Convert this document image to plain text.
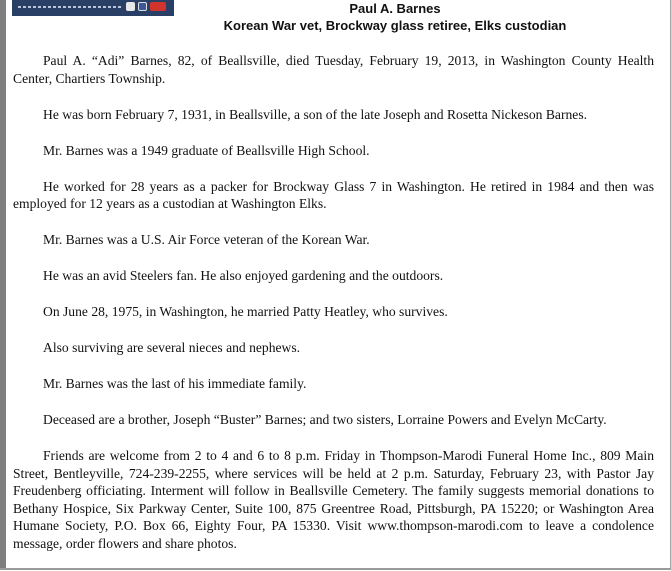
Paul A. Barnes
Korean War vet, Brockway glass retiree, Elks custodian

Paul A. “Adi” Barnes, 82, of Beallsville, died Tuesday, February 19, 2013, in Washington County Health Center, Chartiers Township.

He was born February 7, 1931, in Beallsville, a son of the late Joseph and Rosetta Nickeson Barnes.

Mr. Barnes was a 1949 graduate of Beallsville High School.

He worked for 28 years as a packer for Brockway Glass 7 in Washington. He retired in 1984 and then was employed for 12 years as a custodian at Washington Elks.

Mr. Barnes was a U.S. Air Force veteran of the Korean War.

He was an avid Steelers fan. He also enjoyed gardening and the outdoors.

On June 28, 1975, in Washington, he married Patty Heatley, who survives.

Also surviving are several nieces and nephews.

Mr. Barnes was the last of his immediate family.

Deceased are a brother, Joseph “Buster” Barnes; and two sisters, Lorraine Powers and Evelyn McCarty.

Friends are welcome from 2 to 4 and 6 to 8 p.m. Friday in Thompson-Marodi Funeral Home Inc., 809 Main Street, Bentleyville, 724-239-2255, where services will be held at 2 p.m. Saturday, February 23, with Pastor Jay Freudenberg officiating. Interment will follow in Beallsville Cemetery. The family suggests memorial donations to Bethany Hospice, Six Parkway Center, Suite 100, 875 Greentree Road, Pittsburgh, PA 15220; or Washington Area Humane Society, P.O. Box 66, Eighty Four, PA 15330. Visit www.thompson-marodi.com to leave a condolence message, order flowers and share photos.
